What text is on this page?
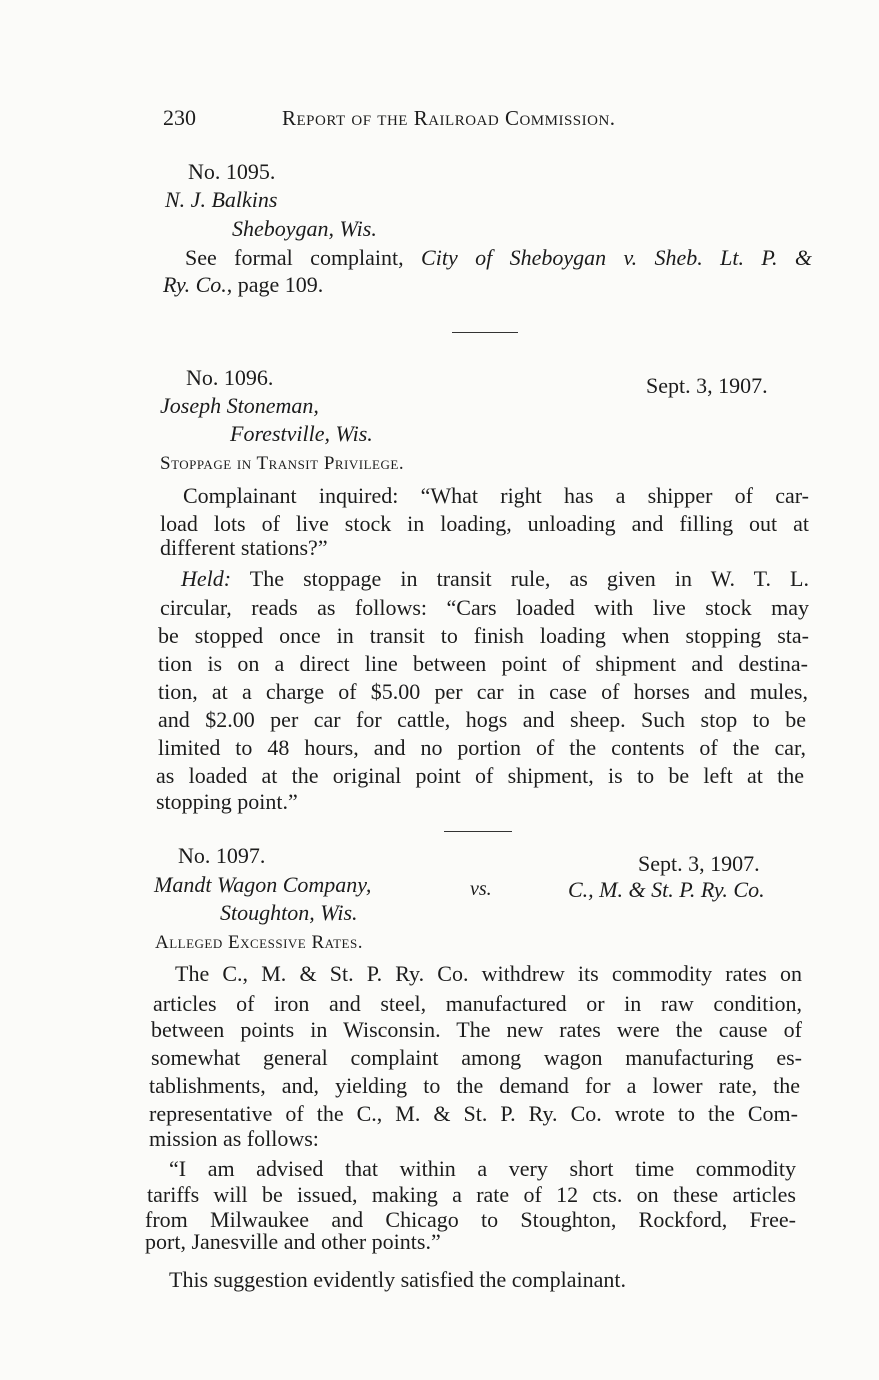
230	Report of the Railroad Commission.
No. 1095.
N. J. Balkins
Sheboygan, Wis.
See formal complaint, City of Sheboygan v. Sheb. Lt. P. &
Ry. Co., page 109.
No. 1096.	Sept. 3, 1907.
Joseph Stoneman,
Forestville, Wis.
Stoppage in Transit Privilege.
Complainant inquired: “What right has a shipper of car-
load lots of live stock in loading, unloading and filling out at
different stations?”
Held: The stoppage in transit rule, as given in W. T. L.
circular, reads as follows: “Cars loaded with live stock may
be stopped once in transit to finish loading when stopping sta-
tion is on a direct line between point of shipment and destina-
tion, at a charge of $5.00 per car in case of horses and mules,
and $2.00 per car for cattle, hogs and sheep. Such stop to be
limited to 48 hours, and no portion of the contents of the car,
as loaded at the original point of shipment, is to be left at the
stopping point.”
No. 1097.	Sept. 3, 1907.
Mandt Wagon Company,	vs.	C., M. & St. P. Ry. Co.
Stoughton, Wis.
Alleged Excessive Rates.
The C., M. & St. P. Ry. Co. withdrew its commodity rates on
articles of iron and steel, manufactured or in raw condition,
between points in Wisconsin. The new rates were the cause of
somewhat general complaint among wagon manufacturing es-
tablishments, and, yielding to the demand for a lower rate, the
representative of the C., M. & St. P. Ry. Co. wrote to the Com-
mission as follows:
“I am advised that within a very short time commodity
tariffs will be issued, making a rate of 12 cts. on these articles
from Milwaukee and Chicago to Stoughton, Rockford, Free-
port, Janesville and other points.”
This suggestion evidently satisfied the complainant.
